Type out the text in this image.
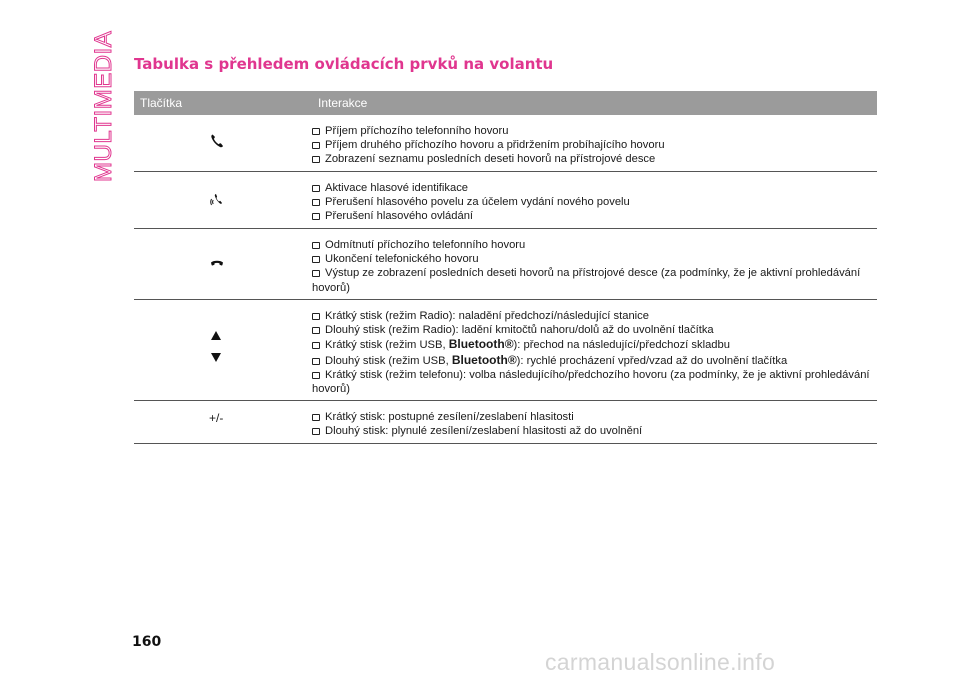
MULTIMEDIA Tabulka s přehledem ovládacích prvků na volantu
Tlačítka	Interakce
Příjem příchozího telefonního hovoru
Příjem druhého příchozího hovoru a přidržením probíhajícího hovoru
Zobrazení seznamu posledních deseti hovorů na přístrojové desce
Aktivace hlasové identifikace
Přerušení hlasového povelu za účelem vydání nového povelu
Přerušení hlasového ovládání
Odmítnutí příchozího telefonního hovoru
Ukončení telefonického hovoru
Výstup ze zobrazení posledních deseti hovorů na přístrojové desce (za podmínky, že je aktivní prohledávání hovorů)
Krátký stisk (režim Radio): naladění předchozí/následující stanice
Dlouhý stisk (režim Radio): ladění kmitočtů nahoru/dolů až do uvolnění tlačítka
Krátký stisk (režim USB, Bluetooth®): přechod na následující/předchozí skladbu
Dlouhý stisk (režim USB, Bluetooth®): rychlé procházení vpřed/vzad až do uvolnění tlačítka
Krátký stisk (režim telefonu): volba následujícího/předchozího hovoru (za podmínky, že je aktivní prohledávání hovorů)
+/-	Krátký stisk: postupné zesílení/zeslabení hlasitosti
Dlouhý stisk: plynulé zesílení/zeslabení hlasitosti až do uvolnění

160

carmanualsonline.info
